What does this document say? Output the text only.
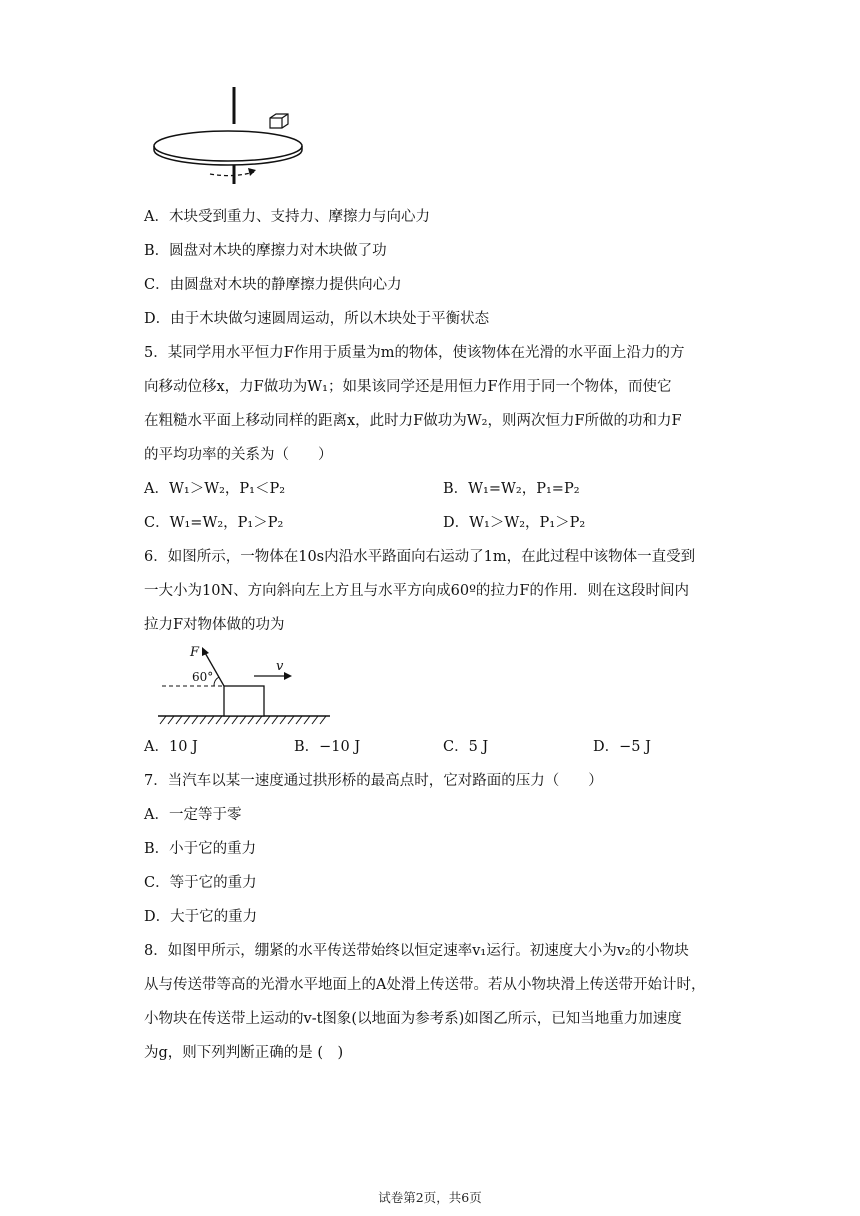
A．木块受到重力、支持力、摩擦力与向心力
B．圆盘对木块的摩擦力对木块做了功
C．由圆盘对木块的静摩擦力提供向心力
D．由于木块做匀速圆周运动，所以木块处于平衡状态
5．某同学用水平恒力F作用于质量为m的物体，使该物体在光滑的水平面上沿力的方
向移动位移x，力F做功为W₁；如果该同学还是用恒力F作用于同一个物体，而使它
在粗糙水平面上移动同样的距离x，此时力F做功为W₂，则两次恒力F所做的功和力F
的平均功率的关系为（　　）
A．W₁＞W₂，P₁＜P₂	B．W₁=W₂，P₁=P₂
C．W₁=W₂，P₁＞P₂	D．W₁＞W₂，P₁＞P₂
6．如图所示，一物体在10s内沿水平路面向右运动了1m，在此过程中该物体一直受到
一大小为10N、方向斜向左上方且与水平方向成60º的拉力F的作用．则在这段时间内
拉力F对物体做的功为
F
60°
v
A．10 J	B．−10 J	C．5 J	D．−5 J
7．当汽车以某一速度通过拱形桥的最高点时，它对路面的压力（　　）
A．一定等于零
B．小于它的重力
C．等于它的重力
D．大于它的重力
8．如图甲所示，绷紧的水平传送带始终以恒定速率v₁运行。初速度大小为v₂的小物块
从与传送带等高的光滑水平地面上的A处滑上传送带。若从小物块滑上传送带开始计时，
小物块在传送带上运动的v-t图象(以地面为参考系)如图乙所示，已知当地重力加速度
为g，则下列判断正确的是 (　)
试卷第2页，共6页
